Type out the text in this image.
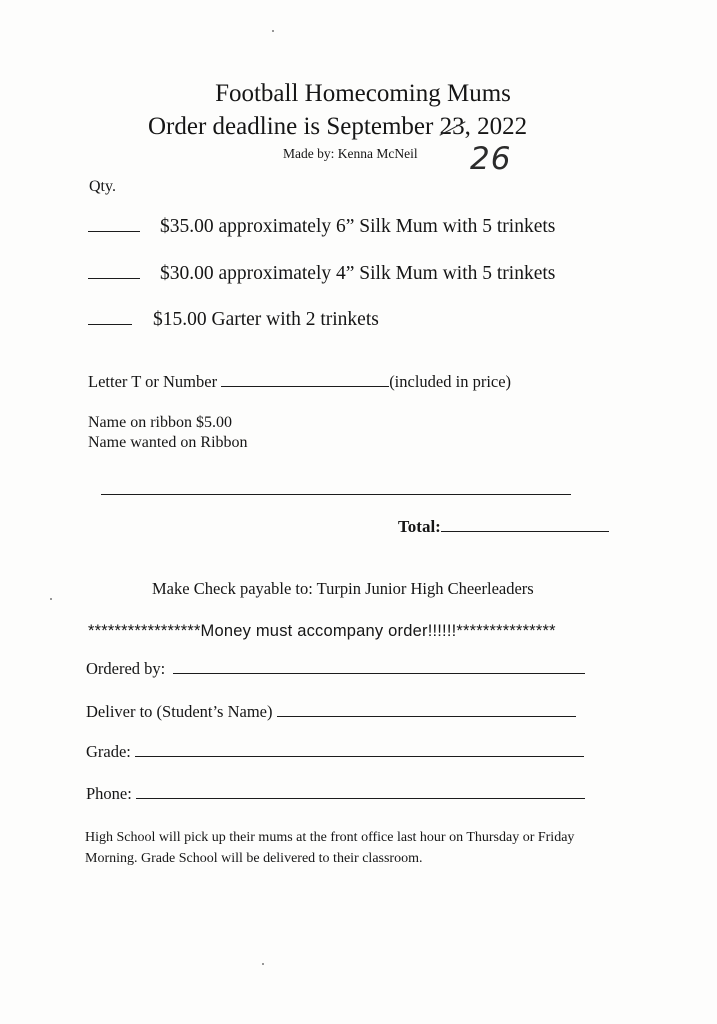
Football Homecoming Mums
Order deadline is September 23, 2022
Made by: Kenna McNeil 26
Qty.
$35.00 approximately 6” Silk Mum with 5 trinkets
$30.00 approximately 4” Silk Mum with 5 trinkets
$15.00 Garter with 2 trinkets
Letter T or Number	(included in price)
Name on ribbon $5.00
Name wanted on Ribbon
Total:
Make Check payable to: Turpin Junior High Cheerleaders
*****************Money must accompany order!!!!!!***************
Ordered by:
Deliver to (Student’s Name)
Grade:
Phone:
High School will pick up their mums at the front office last hour on Thursday or Friday
Morning. Grade School will be delivered to their classroom.
